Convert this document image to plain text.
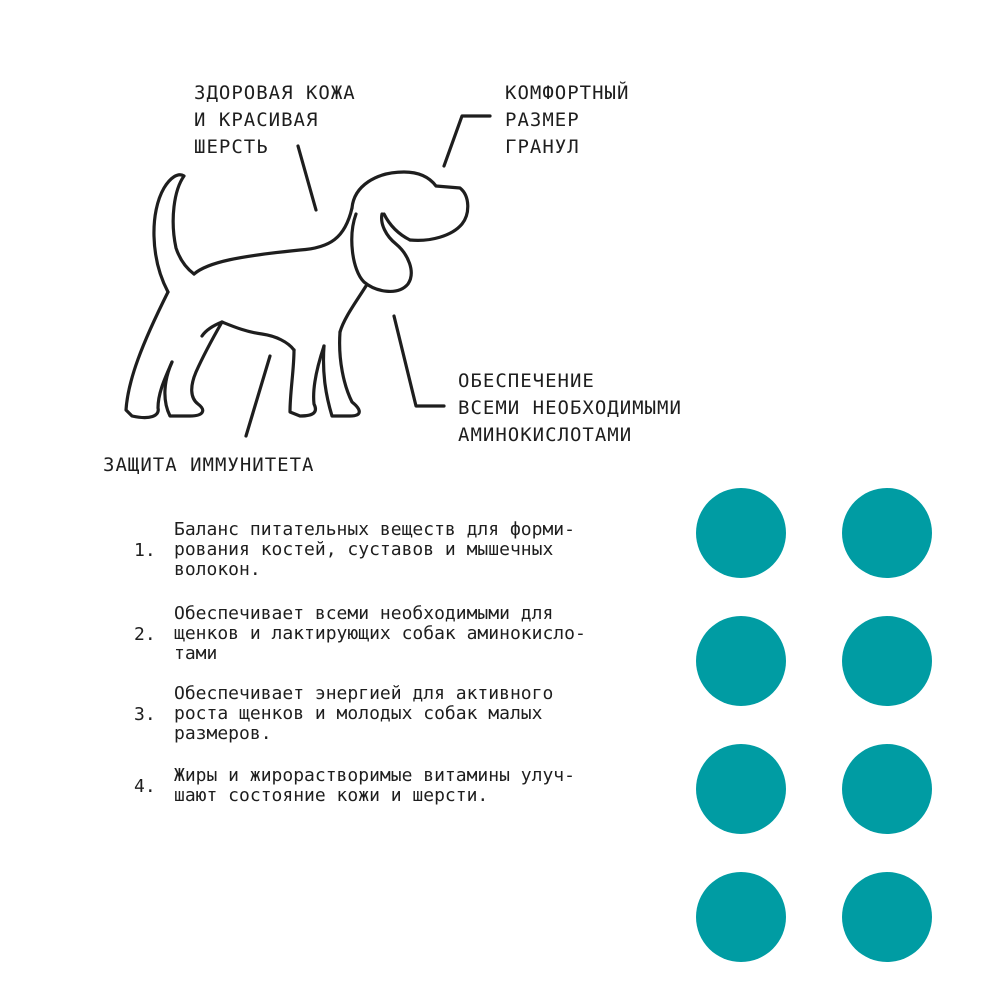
ЗДОРОВАЯ КОЖА
И КРАСИВАЯ
ШЕРСТЬ
КОМФОРТНЫЙ
РАЗМЕР
ГРАНУЛ
ОБЕСПЕЧЕНИЕ
ВСЕМИ НЕОБХОДИМЫМИ
АМИНОКИСЛОТАМИ
ЗАЩИТА ИММУНИТЕТА
1.
Баланс питательных веществ для форми-
рования костей, суставов и мышечных
волокон.
2.
Обеспечивает всеми необходимыми для
щенков и лактирующих собак аминокисло-
тами
3.
Обеспечивает энергией для активного
роста щенков и молодых собак малых
размеров.
4.	Жиры и жирорастворимые витамины улуч-
шают состояние кожи и шерсти.
